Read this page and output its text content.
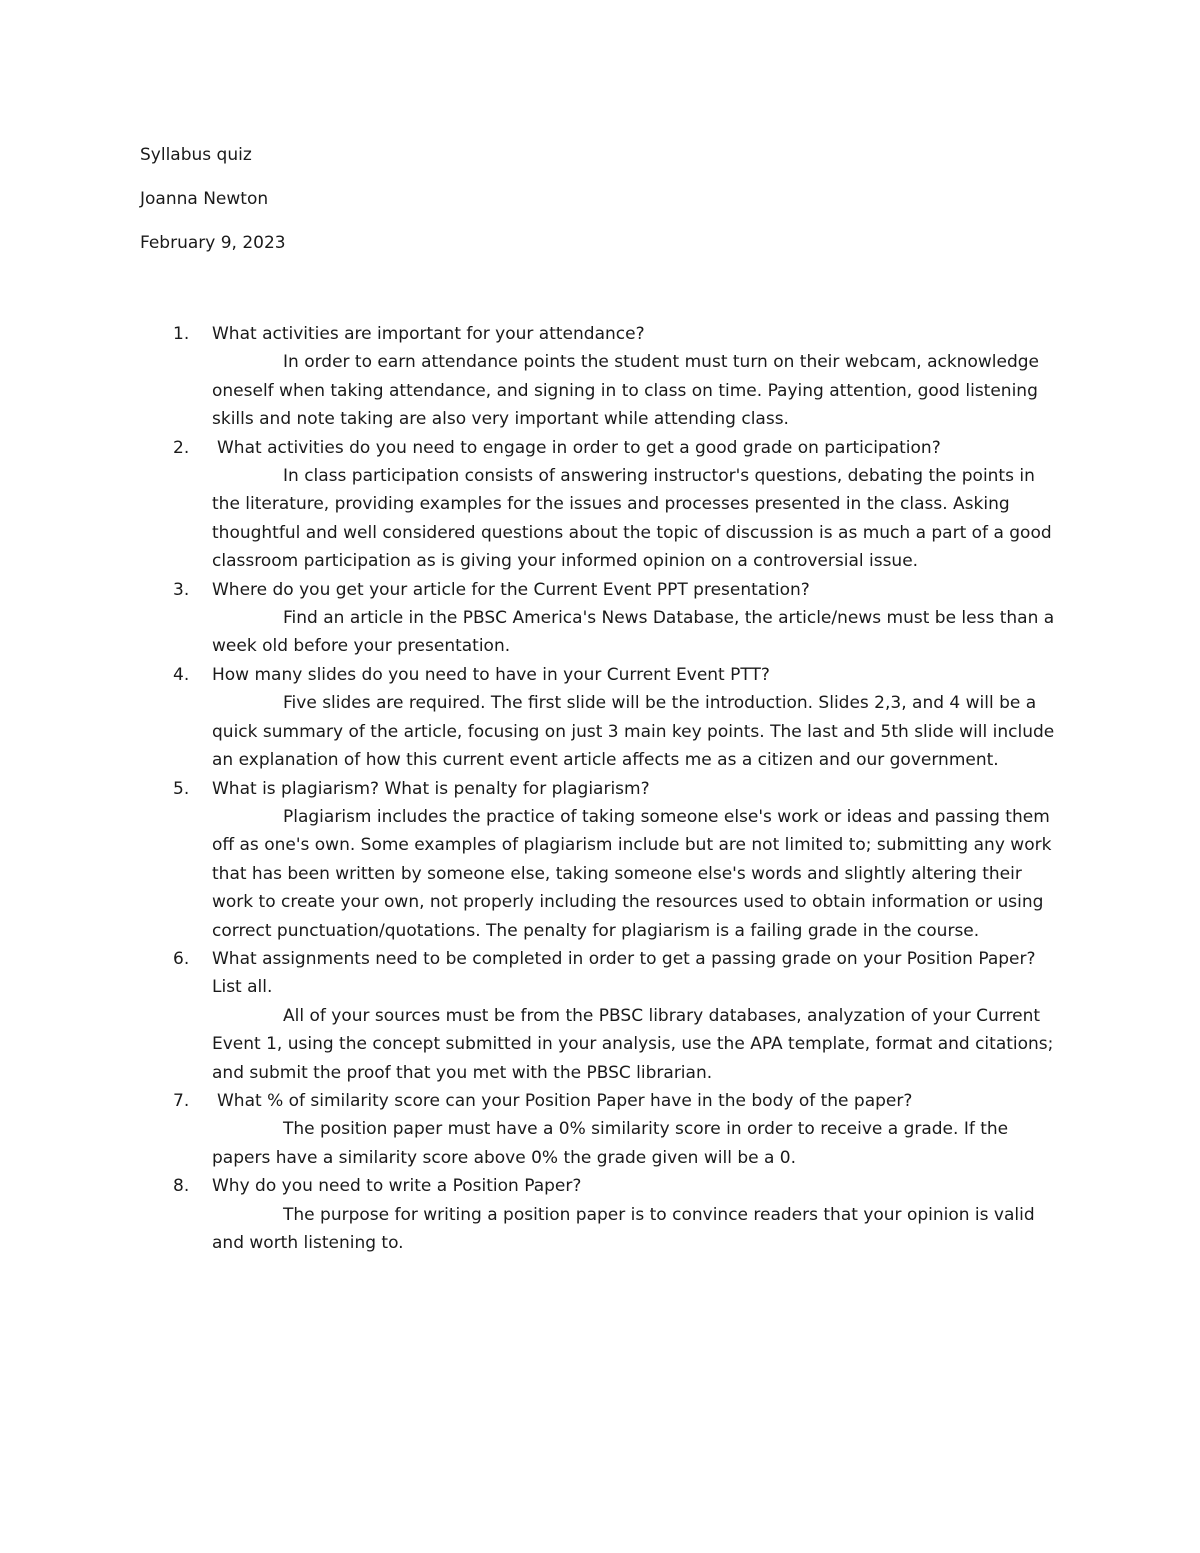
Syllabus quiz

Joanna Newton

February 9, 2023

1. What activities are important for your attendance?
In order to earn attendance points the student must turn on their webcam, acknowledge oneself when taking attendance, and signing in to class on time. Paying attention, good listening skills and note taking are also very important while attending class.
2. What activities do you need to engage in order to get a good grade on participation?
In class participation consists of answering instructor's questions, debating the points in the literature, providing examples for the issues and processes presented in the class. Asking thoughtful and well considered questions about the topic of discussion is as much a part of a good classroom participation as is giving your informed opinion on a controversial issue.
3. Where do you get your article for the Current Event PPT presentation?
Find an article in the PBSC America's News Database, the article/news must be less than a week old before your presentation.
4. How many slides do you need to have in your Current Event PTT?
Five slides are required. The first slide will be the introduction. Slides 2,3, and 4 will be a quick summary of the article, focusing on just 3 main key points. The last and 5th slide will include an explanation of how this current event article affects me as a citizen and our government.
5. What is plagiarism? What is penalty for plagiarism?
Plagiarism includes the practice of taking someone else's work or ideas and passing them off as one's own. Some examples of plagiarism include but are not limited to; submitting any work that has been written by someone else, taking someone else's words and slightly altering their work to create your own, not properly including the resources used to obtain information or using correct punctuation/quotations. The penalty for plagiarism is a failing grade in the course.
6. What assignments need to be completed in order to get a passing grade on your Position Paper? List all.
All of your sources must be from the PBSC library databases, analyzation of your Current Event 1, using the concept submitted in your analysis, use the APA template, format and citations; and submit the proof that you met with the PBSC librarian.
7. What % of similarity score can your Position Paper have in the body of the paper?
The position paper must have a 0% similarity score in order to receive a grade. If the papers have a similarity score above 0% the grade given will be a 0.
8. Why do you need to write a Position Paper?
The purpose for writing a position paper is to convince readers that your opinion is valid and worth listening to.
